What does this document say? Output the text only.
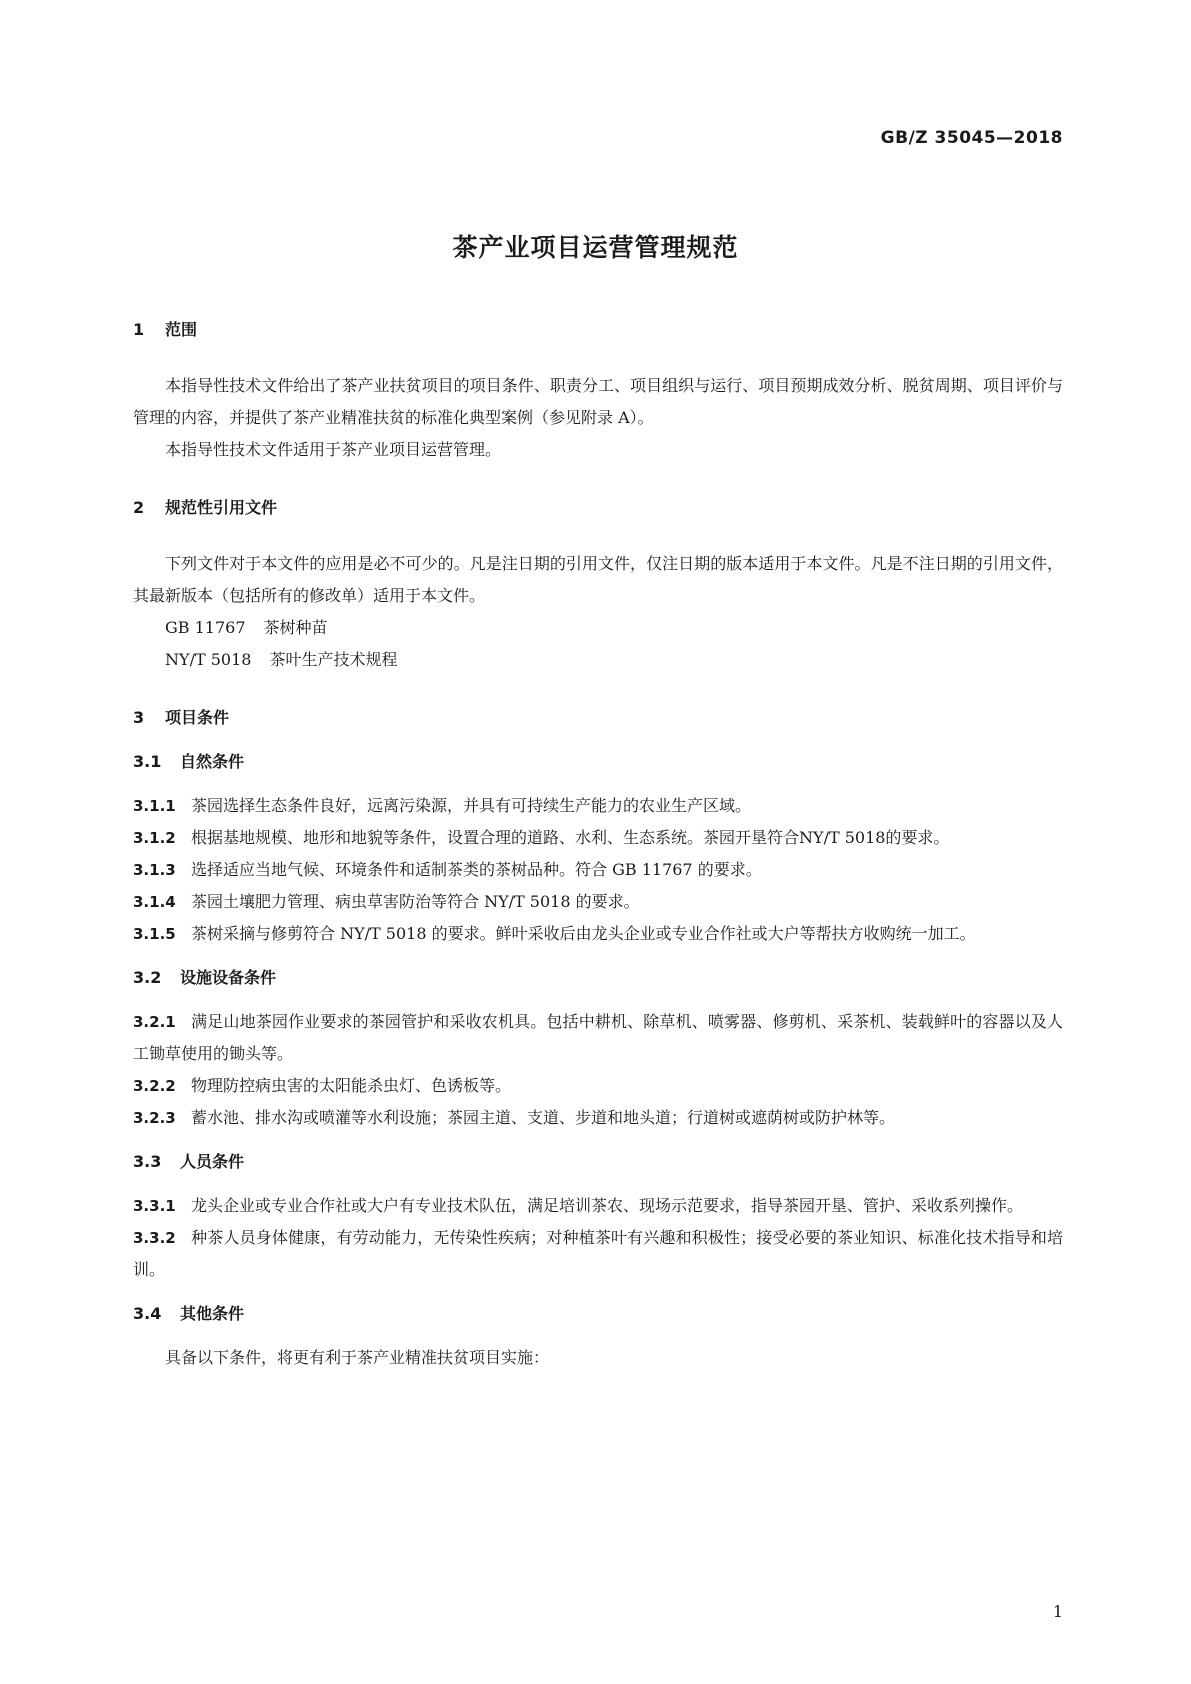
GB/Z 35045—2018
茶产业项目运营管理规范
1 范围

本指导性技术文件给出了茶产业扶贫项目的项目条件、职责分工、项目组织与运行、项目预期成效分析、脱贫周期、项目评价与管理的内容，并提供了茶产业精准扶贫的标准化典型案例（参见附录 A）。

本指导性技术文件适用于茶产业项目运营管理。

2 规范性引用文件

下列文件对于本文件的应用是必不可少的。凡是注日期的引用文件，仅注日期的版本适用于本文件。凡是不注日期的引用文件，其最新版本（包括所有的修改单）适用于本文件。

GB 11767 茶树种苗
NY/T 5018 茶叶生产技术规程
3 项目条件
3.1 自然条件

3.1.1 茶园选择生态条件良好，远离污染源，并具有可持续生产能力的农业生产区域。

3.1.2 根据基地规模、地形和地貌等条件，设置合理的道路、水利、生态系统。茶园开垦符合NY/T 5018的要求。

3.1.3 选择适应当地气候、环境条件和适制茶类的茶树品种。符合 GB 11767 的要求。

3.1.4 茶园土壤肥力管理、病虫草害防治等符合 NY/T 5018 的要求。

3.1.5 茶树采摘与修剪符合 NY/T 5018 的要求。鲜叶采收后由龙头企业或专业合作社或大户等帮扶方收购统一加工。

3.2 设施设备条件

3.2.1 满足山地茶园作业要求的茶园管护和采收农机具。包括中耕机、除草机、喷雾器、修剪机、采茶机、装载鲜叶的容器以及人工锄草使用的锄头等。

3.2.2 物理防控病虫害的太阳能杀虫灯、色诱板等。

3.2.3 蓄水池、排水沟或喷灌等水利设施；茶园主道、支道、步道和地头道；行道树或遮荫树或防护林等。

3.3 人员条件

3.3.1 龙头企业或专业合作社或大户有专业技术队伍，满足培训茶农、现场示范要求，指导茶园开垦、管护、采收系列操作。

3.3.2 种茶人员身体健康，有劳动能力，无传染性疾病；对种植茶叶有兴趣和积极性；接受必要的茶业知识、标准化技术指导和培训。

3.4 其他条件

具备以下条件，将更有利于茶产业精准扶贫项目实施：

1
